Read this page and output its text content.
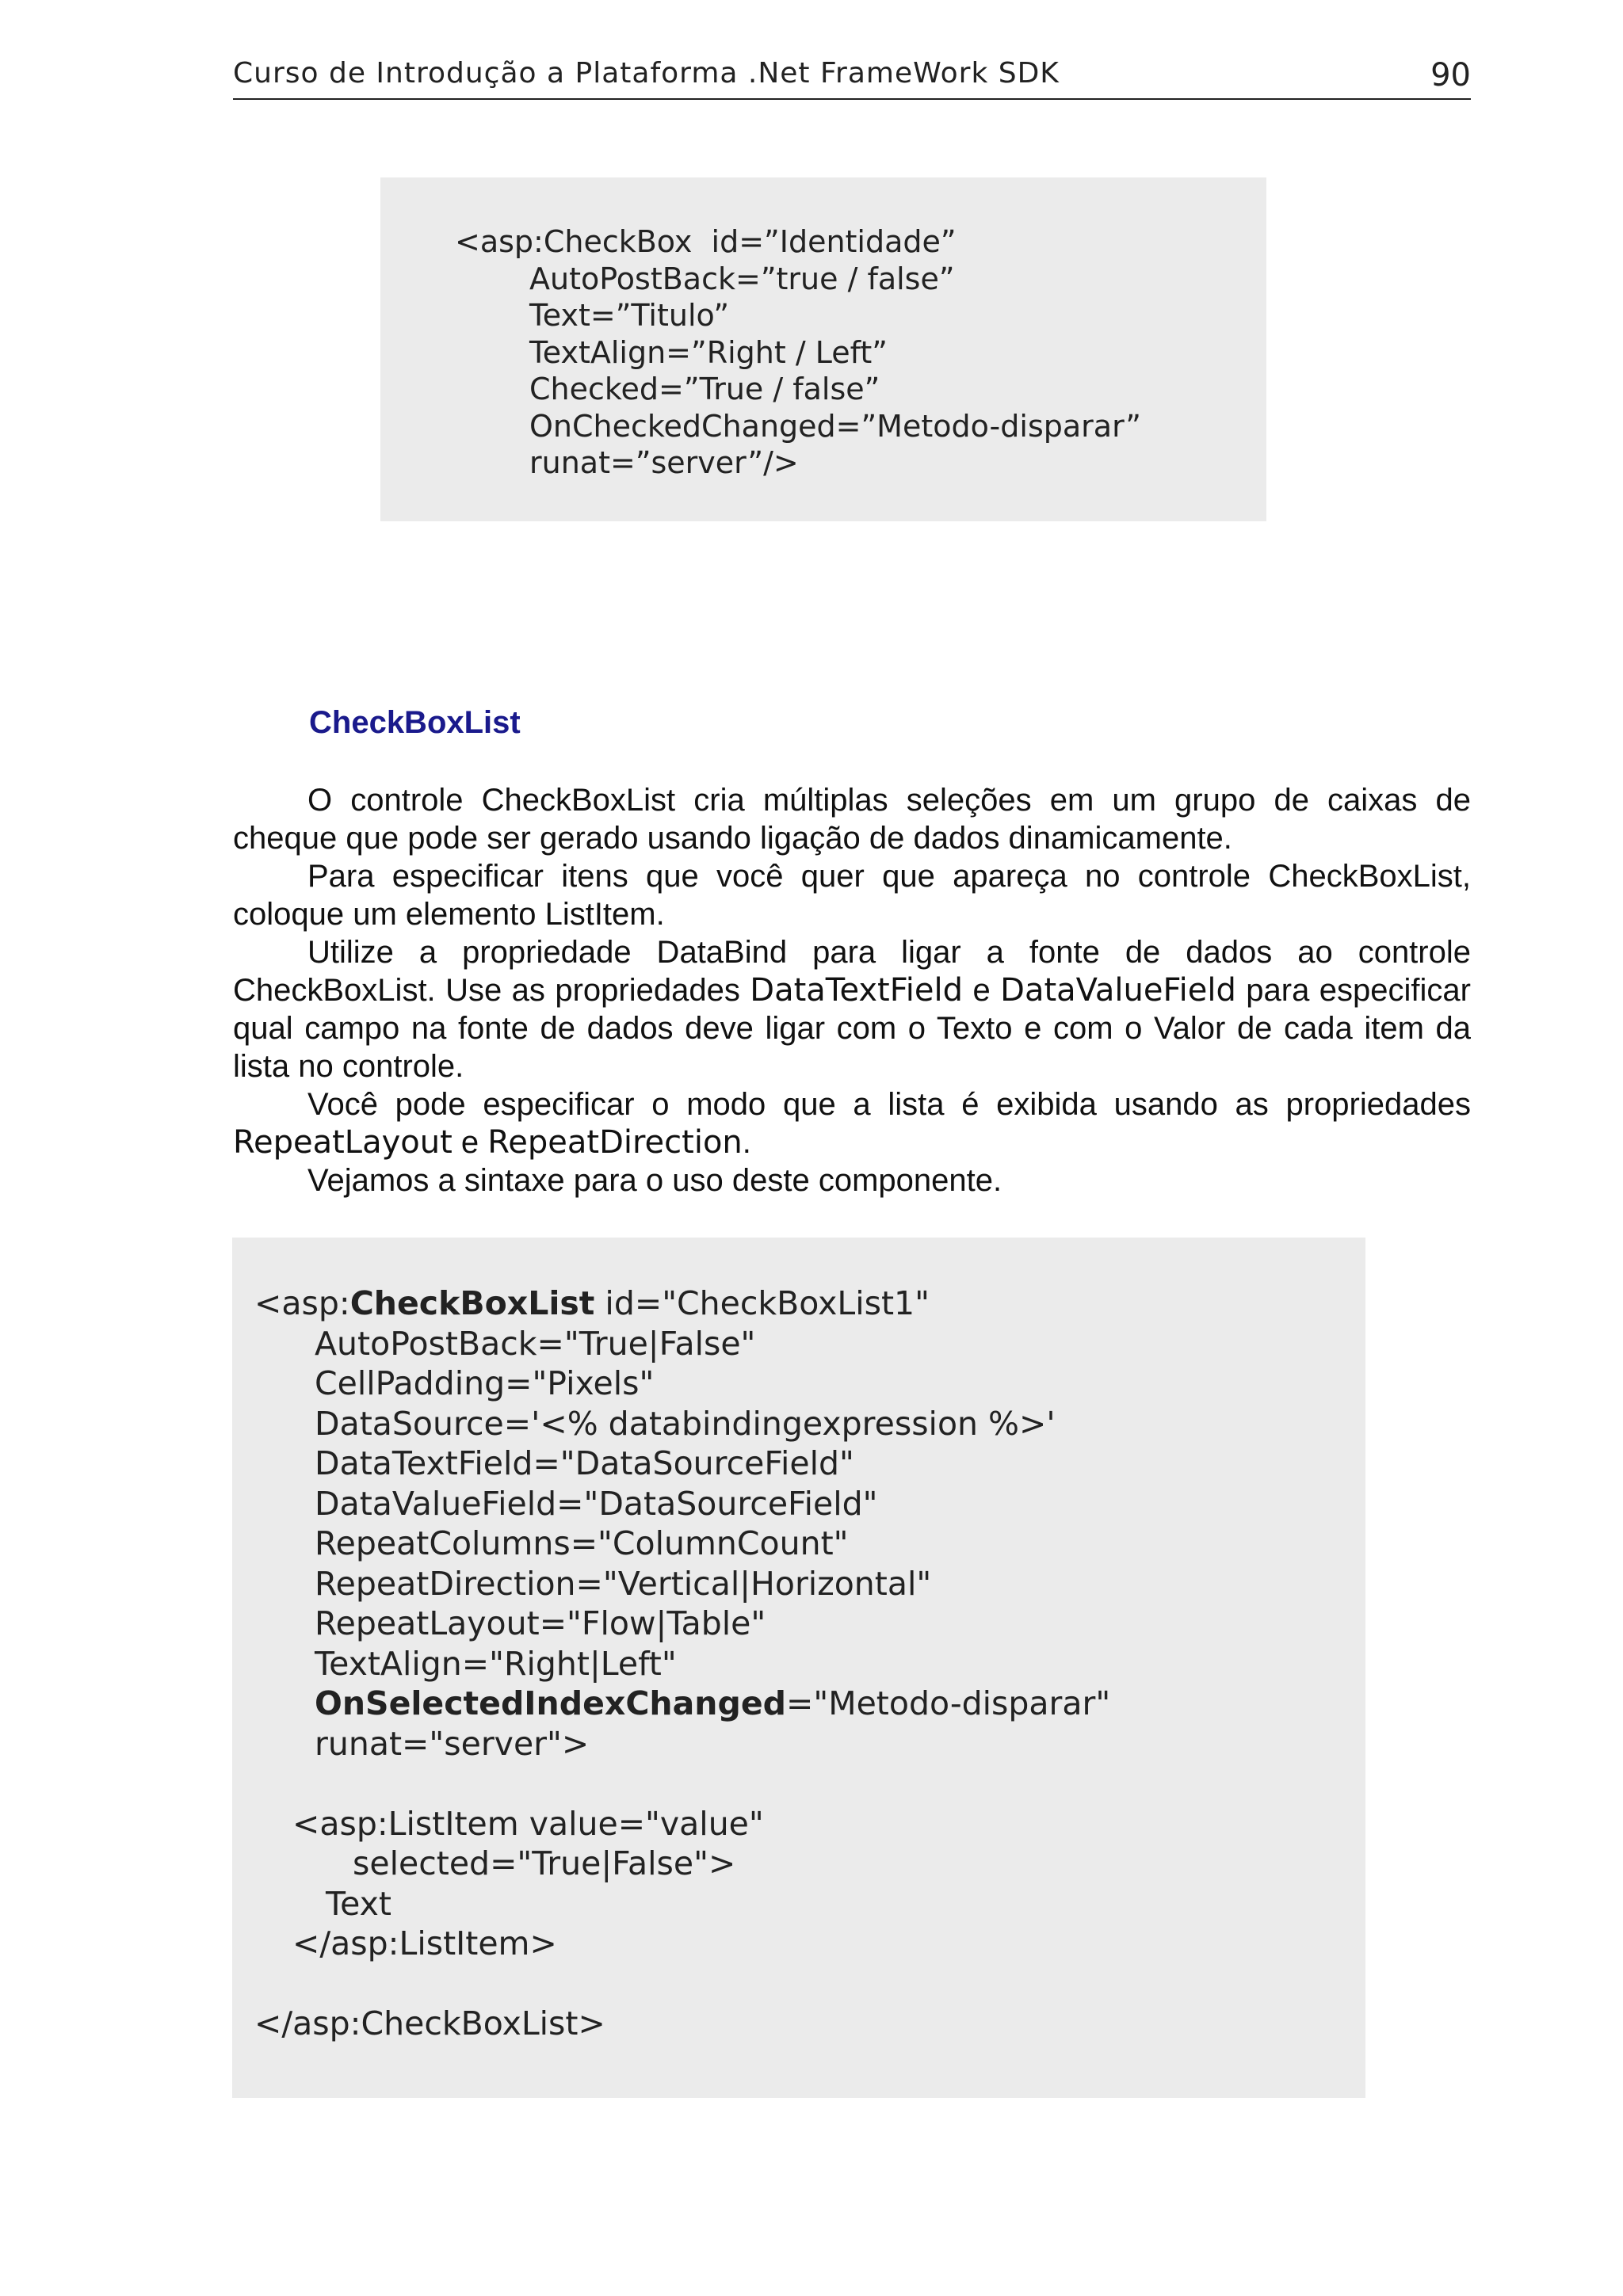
Curso de Introdução a Plataforma .Net FrameWork SDK	90
<asp:CheckBox  id=”Identidade”
AutoPostBack=”true / false”
Text=”Titulo”
TextAlign=”Right / Left”
Checked=”True / false”
OnCheckedChanged=”Metodo-disparar”
runat=”server”/>
CheckBoxList

O controle CheckBoxList cria múltiplas seleções em um grupo de caixas de cheque que pode ser gerado usando ligação de dados dinamicamente.

Para especificar itens que você quer que apareça no controle CheckBoxList, coloque um elemento ListItem.

Utilize a propriedade DataBind para ligar a fonte de dados ao controle CheckBoxList. Use as propriedades DataTextField e DataValueField para especificar qual campo na fonte de dados deve ligar com o Texto e com o Valor de cada item da lista no controle.

Você pode especificar o modo que a lista é exibida usando as propriedades RepeatLayout e RepeatDirection.

Vejamos a sintaxe para o uso deste componente.

<asp:CheckBoxList id="CheckBoxList1"
AutoPostBack="True|False"
CellPadding="Pixels"
DataSource='<% databindingexpression %>'
DataTextField="DataSourceField"
DataValueField="DataSourceField"
RepeatColumns="ColumnCount"
RepeatDirection="Vertical|Horizontal"
RepeatLayout="Flow|Table"
TextAlign="Right|Left"
OnSelectedIndexChanged="Metodo-disparar"
runat="server">
<asp:ListItem value="value"
selected="True|False">
Text
</asp:ListItem>
</asp:CheckBoxList>
